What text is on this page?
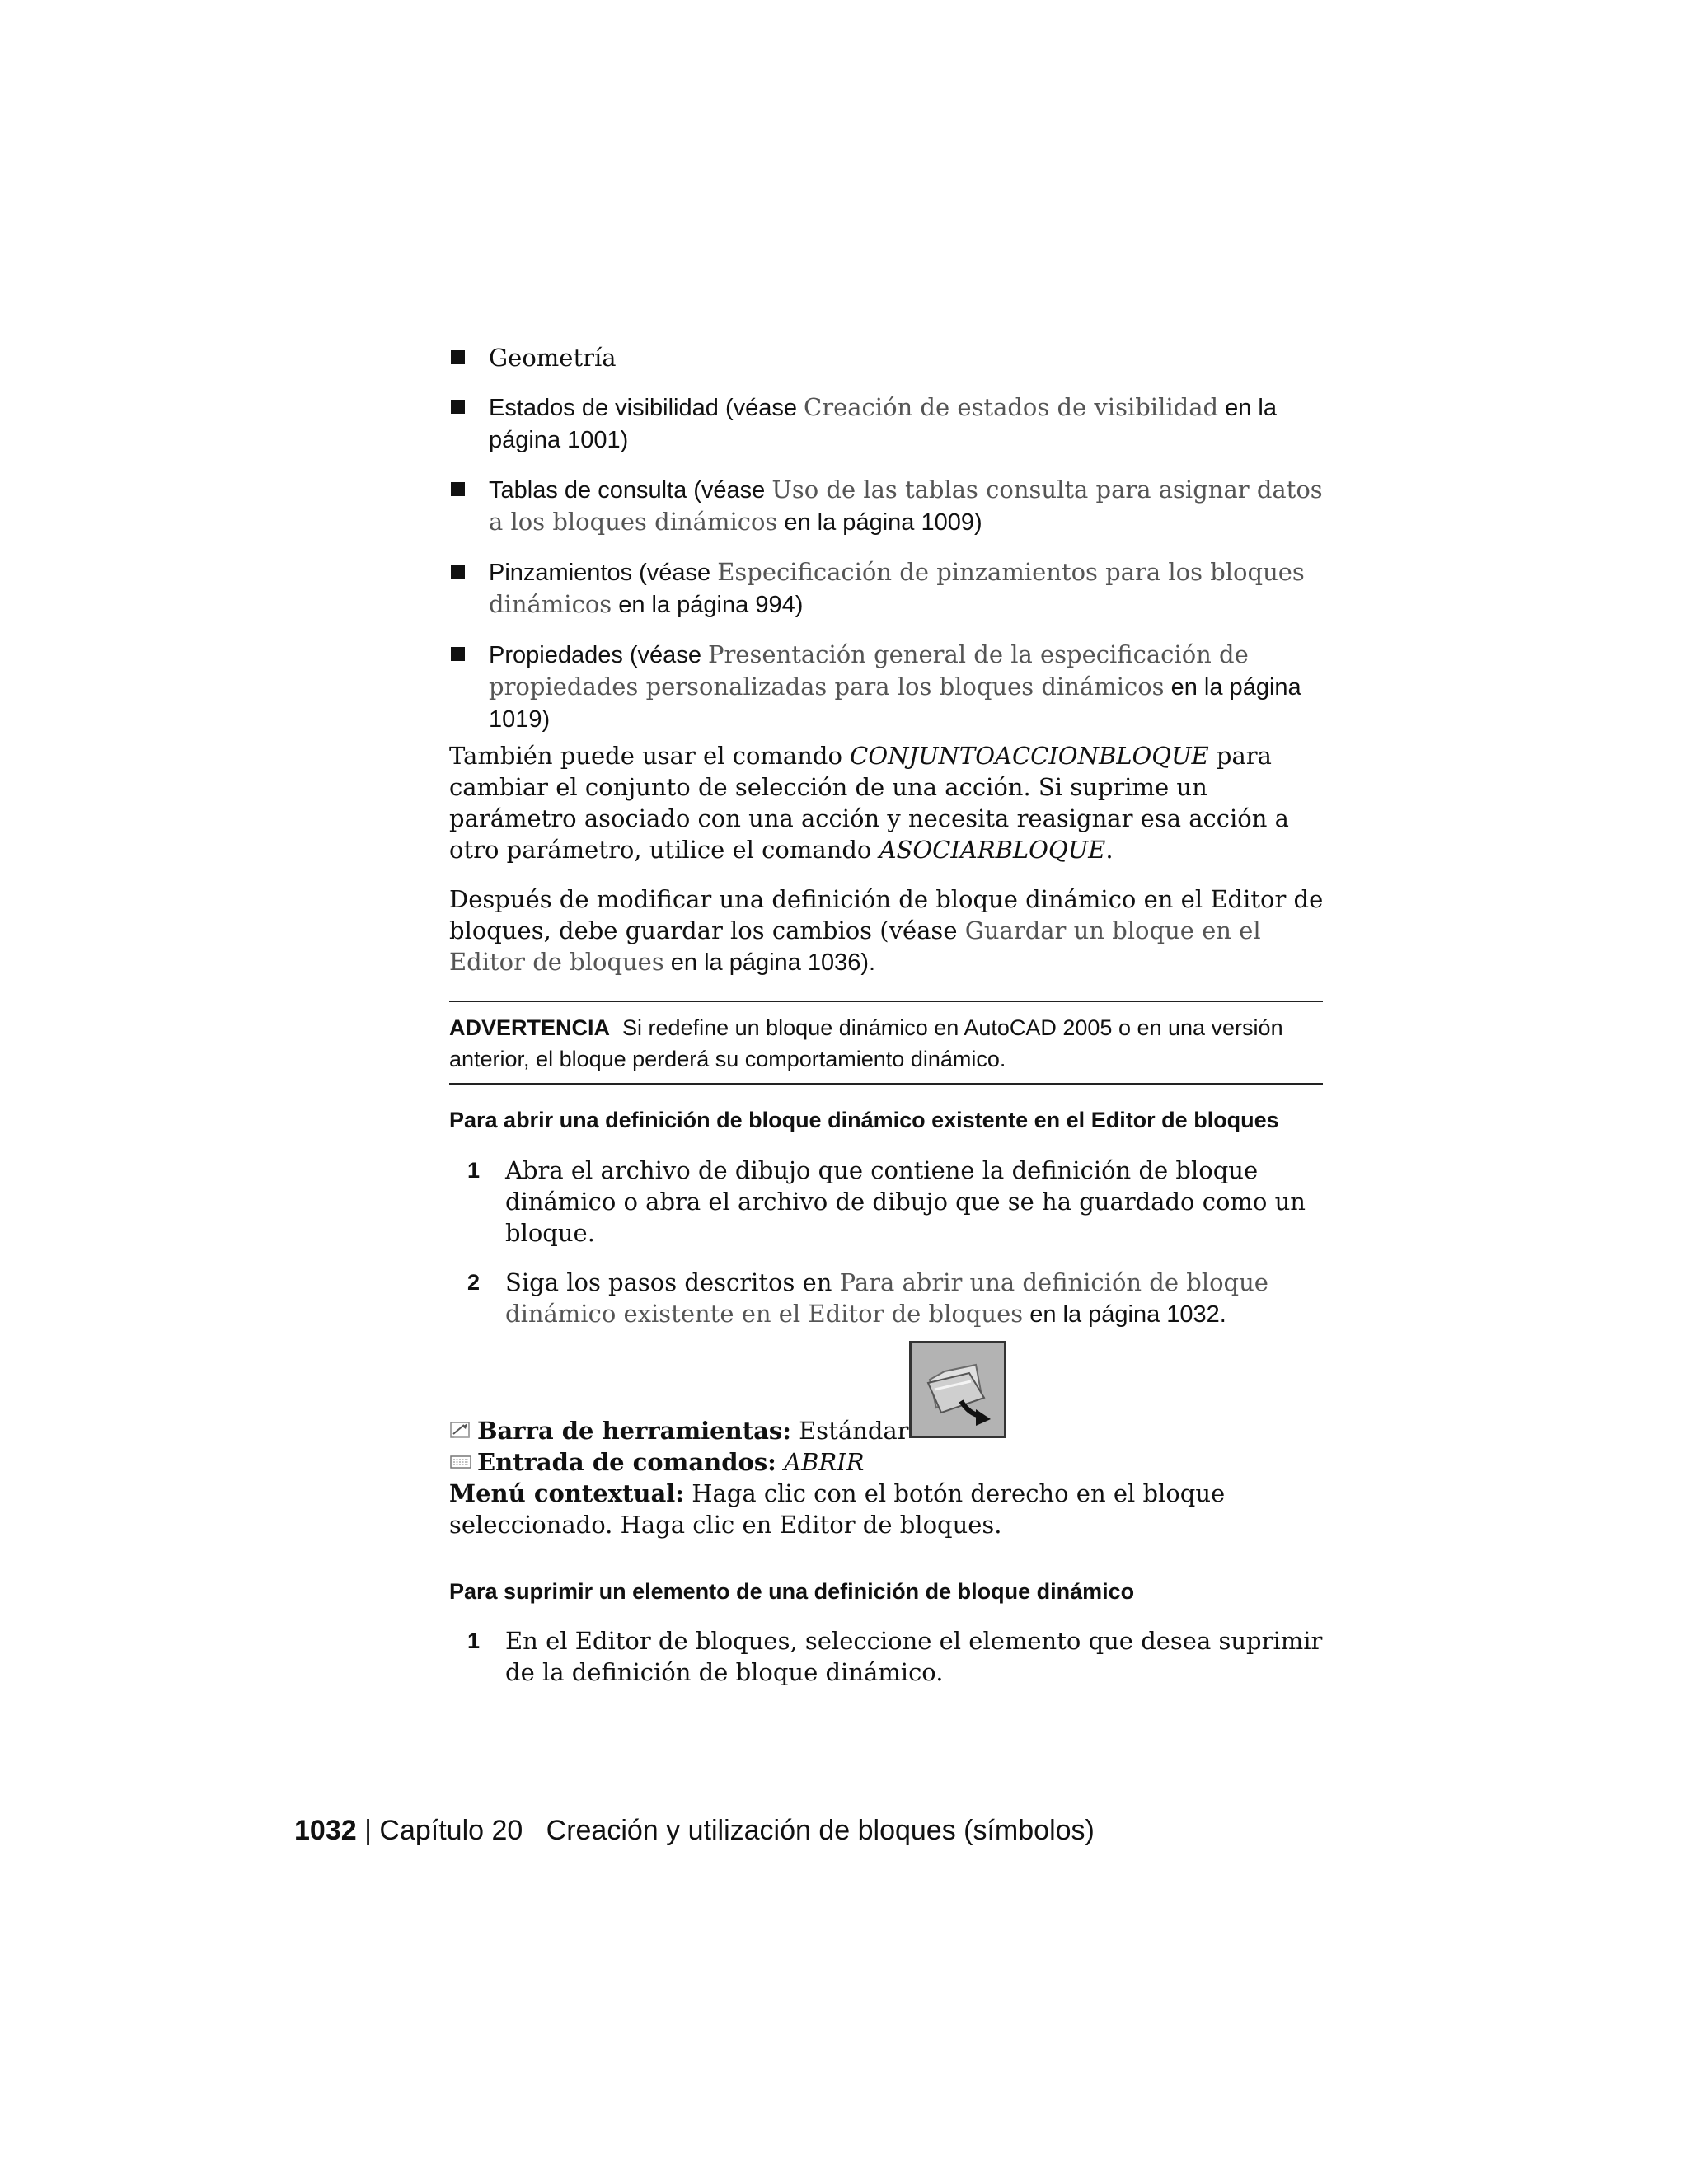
Geometría
Estados de visibilidad (véase Creación de estados de visibilidad en la página 1001)
Tablas de consulta (véase Uso de las tablas consulta para asignar datos a los bloques dinámicos en la página 1009)
Pinzamientos (véase Especificación de pinzamientos para los bloques dinámicos en la página 994)
Propiedades (véase Presentación general de la especificación de propiedades personalizadas para los bloques dinámicos en la página 1019)

También puede usar el comando CONJUNTOACCIONBLOQUE para cambiar el conjunto de selección de una acción. Si suprime un parámetro asociado con una acción y necesita reasignar esa acción a otro parámetro, utilice el comando ASOCIARBLOQUE.

Después de modificar una definición de bloque dinámico en el Editor de bloques, debe guardar los cambios (véase Guardar un bloque en el Editor de bloques en la página 1036).

ADVERTENCIA Si redefine un bloque dinámico en AutoCAD 2005 o en una versión anterior, el bloque perderá su comportamiento dinámico.
Para abrir una definición de bloque dinámico existente en el Editor de bloques
1 Abra el archivo de dibujo que contiene la definición de bloque dinámico o abra el archivo de dibujo que se ha guardado como un bloque.
2 Siga los pasos descritos en Para abrir una definición de bloque dinámico existente en el Editor de bloques en la página 1032.
Barra de herramientas: Estándar
Entrada de comandos: ABRIR
Menú contextual: Haga clic con el botón derecho en el bloque seleccionado. Haga clic en Editor de bloques.
Para suprimir un elemento de una definición de bloque dinámico
1 En el Editor de bloques, seleccione el elemento que desea suprimir de la definición de bloque dinámico.
1032 | Capítulo 20 Creación y utilización de bloques (símbolos)
